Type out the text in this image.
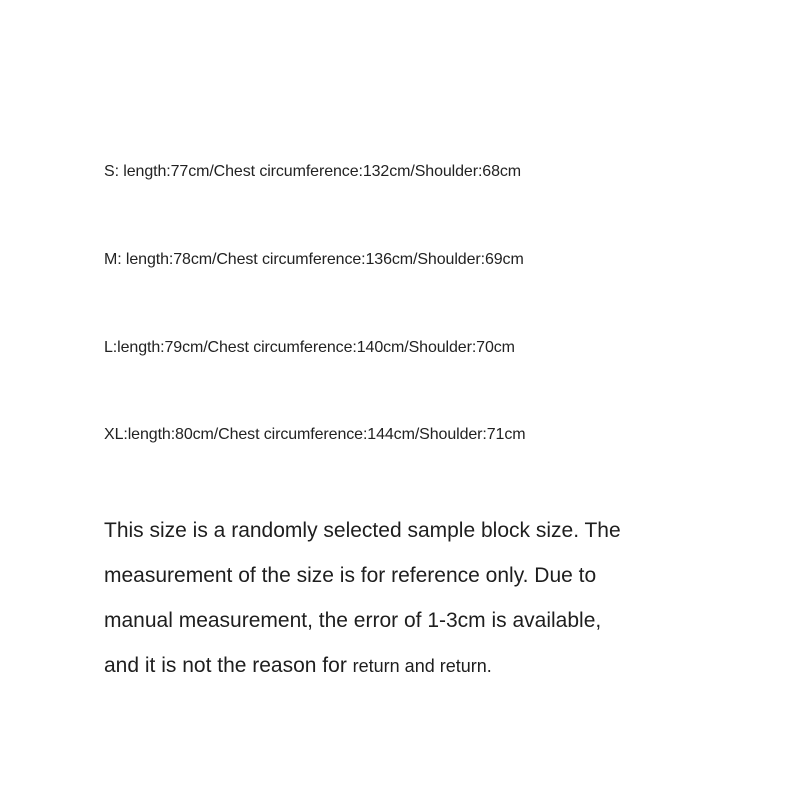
S: length:77cm/Chest circumference:132cm/Shoulder:68cm
M: length:78cm/Chest circumference:136cm/Shoulder:69cm
L:length:79cm/Chest circumference:140cm/Shoulder:70cm
XL:length:80cm/Chest circumference:144cm/Shoulder:71cm
This size is a randomly selected sample block size. The
measurement of the size is for reference only. Due to
manual measurement, the error of 1-3cm is available,
and it is not the reason for return and return.
